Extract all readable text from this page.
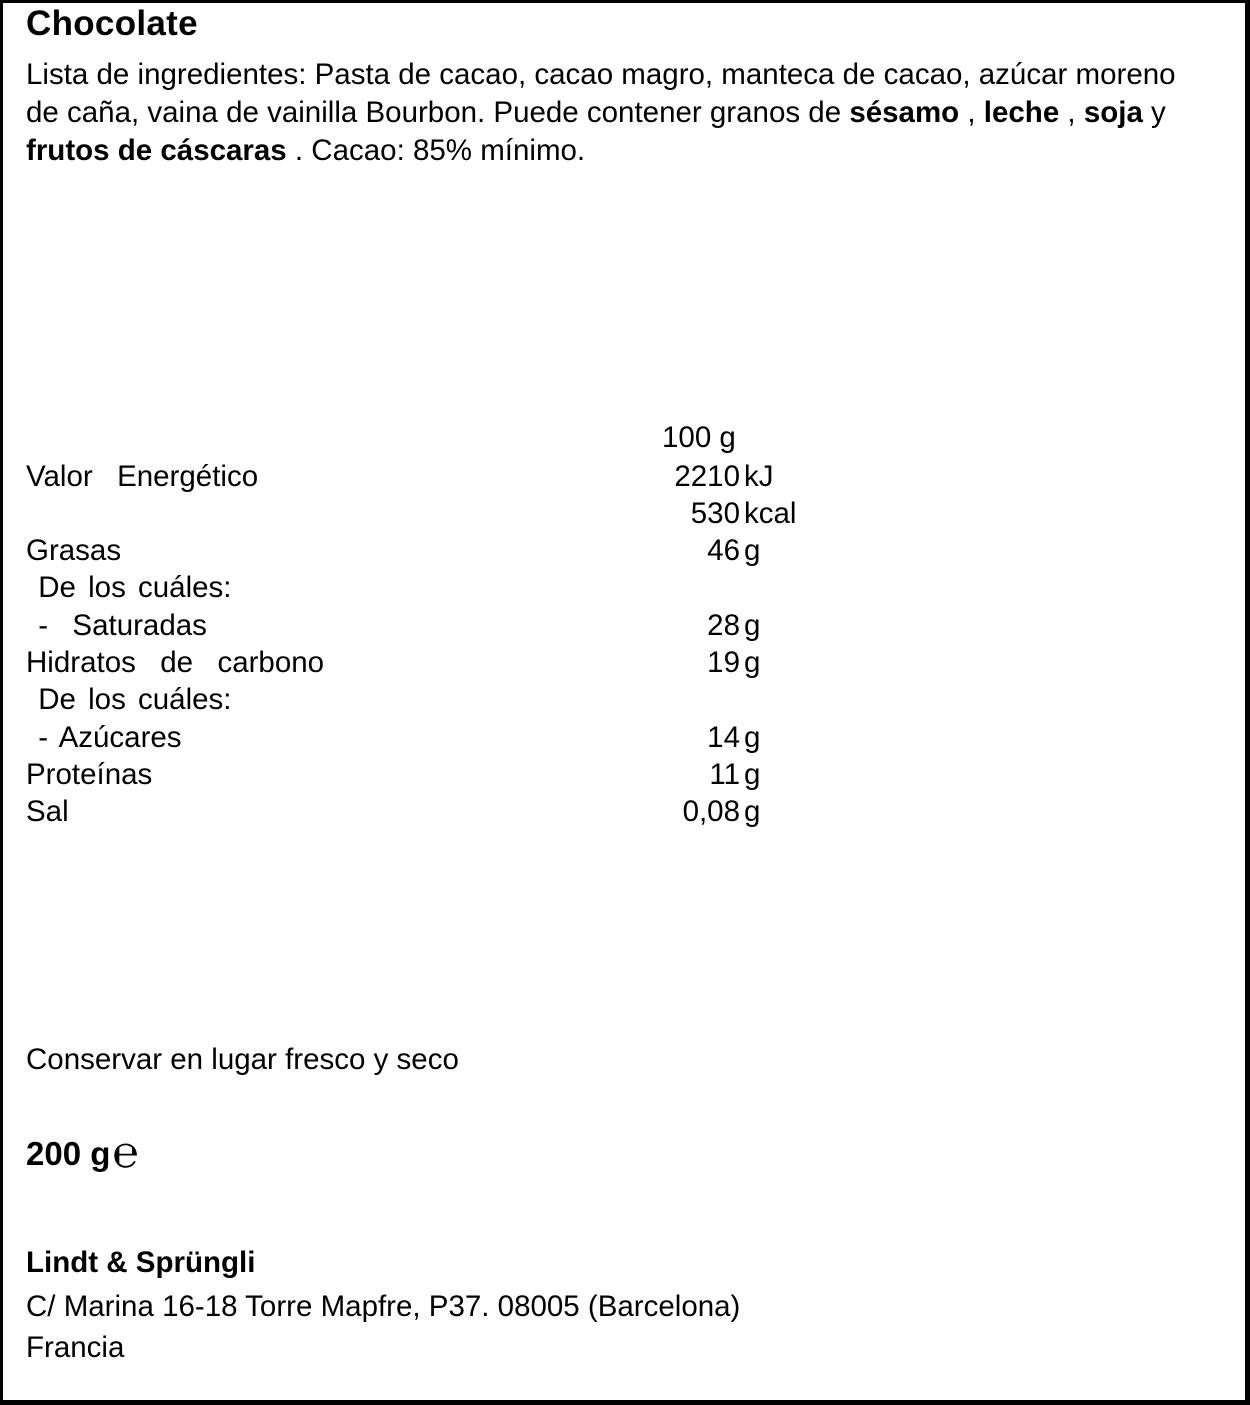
Chocolate
Lista de ingredientes: Pasta de cacao, cacao magro, manteca de cacao, azúcar moreno de caña, vaina de vainilla Bourbon. Puede contener granos de sésamo , leche , soja y frutos de cáscaras . Cacao: 85% mínimo.
100 g
Valor  Energético	2210 kJ
530 kcal
Grasas	46 g
De los cuáles:
-  Saturadas	28 g
Hidratos  de  carbono	19 g
De los cuáles:
- Azúcares	14 g
Proteínas	11 g
Sal	0,08 g
Conservar en lugar fresco y seco
200 g℮
Lindt & Sprüngli
C/ Marina 16-18 Torre Mapfre, P37. 08005 (Barcelona)
Francia
